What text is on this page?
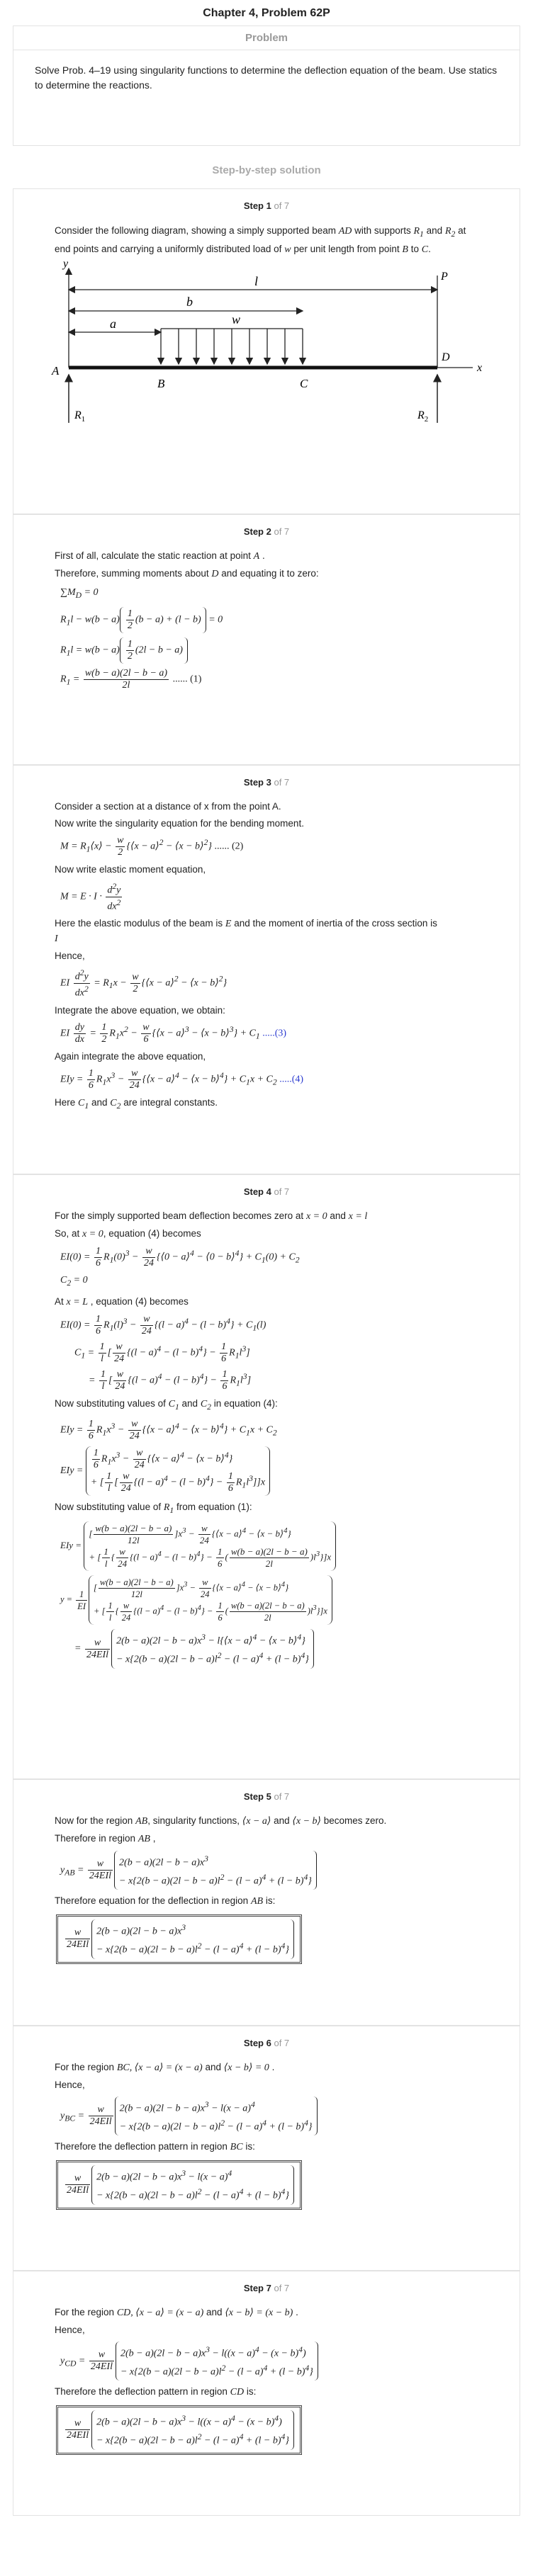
Chapter 4, Problem 62P
Problem
Solve Prob. 4–19 using singularity functions to determine the deflection equation of the beam. Use statics to determine the reactions.
Step-by-step solution
Step 1 of 7
Consider the following diagram, showing a simply supported beam AD with supports $R_1$ and $R_2$ at end points and carrying a uniformly distributed load of w per unit length from point B to C.
y
x
P
D
l
b
a	w
A
B	C
$R_1$	$R_2$
Step 2 of 7
First of all, calculate the static reaction at point A .
Therefore, summing moments about D and equating it to zero:
$\sum M_D = 0$
$R_1l - w(b - a) \frac{1}{2} (b - a) + (l - b) = 0$
$R_1l = w(b - a) \frac{1}{2} (2l - b - a)$
$R_1 = \frac{w(b - a)(2l - b - a)}{2l}$ ...... (1)
Step 3 of 7
Consider a section at a distance of x from the point A.
Now write the singularity equation for the bending moment.
$M = R_1⟨x⟩ - \frac{w}{2}$ {⟨x − a⟩$^2$ − ⟨x − b⟩$^2$} ...... (2)
Now write elastic moment equation,
$M = E \cdot I \cdot \frac{d^2y}{dx^2}$
Here the elastic modulus of the beam is E and the moment of inertia of the cross section is
I
Hence,
EI $\frac{d^2y}{dx^2} = R_1x - \frac{w}{2}$ {⟨x − a⟩$^2$ − ⟨x − b⟩$^2$}
Integrate the above equation, we obtain:
EI $\frac{dy}{dx} = \frac{1}{2} R_1x^2 - \frac{w}{6}$ {⟨x − a⟩$^3$ − ⟨x − b⟩$^3$} + $C_1$ .....(3)
Again integrate the above equation,
EIy = $\frac{1}{6} R_1x^3 - \frac{w}{24}$ {⟨x − a⟩$^4$ − ⟨x − b⟩$^4$} + $C_1x + C_2$ .....(4)
Here $C_1$ and $C_2$ are integral constants.
Step 4 of 7
For the simply supported beam deflection becomes zero at x = 0 and x = l
So, at x = 0, equation (4) becomes
$EI(0) = \frac{1}{6} R_1(0)^3 - \frac{w}{24}$ {⟨0 − a⟩$^4$ − ⟨0 − b⟩$^4$} + $C_1(0) + C_2$
$C_2 = 0$
At x = L , equation (4) becomes
$EI(0) = \frac{1}{6} R_1(l)^3 - \frac{w}{24} \{(l - a)^4 - (l - b)^4\} + C_1(l)$
$C_1 = \frac{1}{l}$ [ $\frac{w}{24} \{(l - a)^4 - (l - b)^4\} - \frac{1}{6} R_1l^3$]
= $\frac{1}{l}$ [ $\frac{w}{24} \{(l - a)^4 - (l - b)^4\} - \frac{1}{6} R_1l^3$]
Now substituting values of $C_1$ and $C_2$ in equation (4):
EIy = $\frac{1}{6} R_1x^3 - \frac{w}{24}$ {⟨x − a⟩$^4$ − ⟨x − b⟩$^4$} + $C_1x + C_2$
EIy = $\frac{1}{6} R_1x^3 - \frac{w}{24}$ {⟨x − a⟩$^4$ − ⟨x − b⟩$^4$}
+ [ $\frac{1}{l}$ [ $\frac{w}{24} \{(l - a)^4 - (l - b)^4\} - \frac{1}{6} R_1l^3]]x$
Now substituting value of $R_1$ from equation (1):
EIy = [ $\frac{w(b - a)(2l - b - a)}{12l} ]x^3 - \frac{w}{24}$ {⟨x − a⟩$^4$ − ⟨x − b⟩$^4$}
+ [ $\frac{1}{l}$ { $\frac{w}{24} \{(l - a)^4 - (l - b)^4\} - \frac{1}{6}$ ( $\frac{w(b - a)(2l - b - a)}{2l} )l^3\}]x$
$y = \frac{1}{EI}$
[ $\frac{w(b - a)(2l - b - a)}{12l} ]x^3 - \frac{w}{24}$ {⟨x − a⟩$^4$ − ⟨x − b⟩$^4$}
+ [ $\frac{1}{l}$ { $\frac{w}{24} \{(l - a)^4 - (l - b)^4\} - \frac{1}{6}$ ( $\frac{w(b - a)(2l - b - a)}{2l} )l^3\}]x$
= $\frac{w}{\text{24EIl}} 2(b - a)(2l - b - a)x^3$ − l{⟨x − a⟩$^4$ − ⟨x − b⟩$^4$}
− $x\{2(b - a)(2l - b - a)l^2 - (l - a)^4 + (l - b)^4\}$
Step 5 of 7
Now for the region AB, singularity functions, ⟨x − a⟩ and ⟨x − b⟩ becomes zero.
Therefore in region AB ,
$y_{AB} = \frac{w}{\text{24EIl}} 2(b - a)(2l - b - a)x^3$
− $x\{2(b - a)(2l - b - a)l^2 - (l - a)^4 + (l - b)^4\}$
Therefore equation for the deflection in region AB is:
$\frac{w}{\text{24EIl}} 2(b - a)(2l - b - a)x^3$
− $x\{2(b - a)(2l - b - a)l^2 - (l - a)^4 + (l - b)^4\}$
Step 6 of 7
For the region BC, ⟨x − a⟩ = (x − a) and ⟨x − b⟩ = 0 .
Hence,
$y_{BC} = \frac{w}{\text{24EIl}} 2(b - a)(2l - b - a)x^3 - l(x - a)^4$
− $x\{2(b - a)(2l - b - a)l^2 - (l - a)^4 + (l - b)^4\}$
Therefore the deflection pattern in region BC is:
$\frac{w}{\text{24EIl}} 2(b - a)(2l - b - a)x^3 - l(x - a)^4$
− $x\{2(b - a)(2l - b - a)l^2 - (l - a)^4 + (l - b)^4\}$
Step 7 of 7
For the region CD, ⟨x − a⟩ = (x − a) and ⟨x − b⟩ = (x − b) .
Hence,
$y_{CD} = \frac{w}{\text{24EIl}} 2(b - a)(2l - b - a)x^3 - l((x - a)^4 - (x - b)^4)$
− $x\{2(b - a)(2l - b - a)l^2 - (l - a)^4 + (l - b)^4\}$
Therefore the deflection pattern in region CD is:
$\frac{w}{\text{24EIl}} 2(b - a)(2l - b - a)x^3 - l((x - a)^4 - (x - b)^4)$
− $x\{2(b - a)(2l - b - a)l^2 - (l - a)^4 + (l - b)^4\}$
